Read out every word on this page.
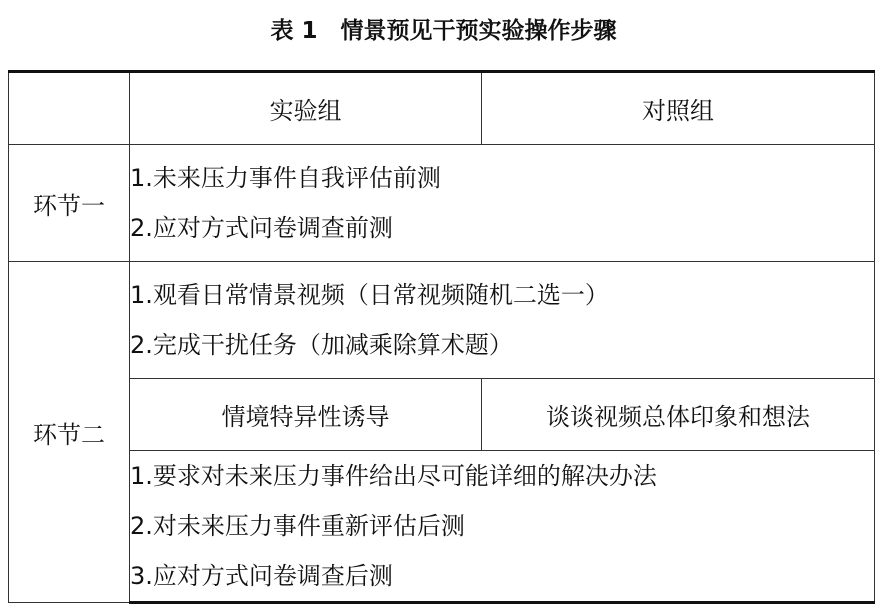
表 1　情景预见干预实验操作步骤
	实验组	对照组
环节一	1.未来压力事件自我评估前测
2.应对方式问卷调查前测	

环节二	1.观看日常情景视频（日常视频随机二选一）
2.完成干扰任务（加减乘除算术题）	

	情境特异性诱导	谈谈视频总体印象和想法

	1.要求对未来压力事件给出尽可能详细的解决办法
2.对未来压力事件重新评估后测
3.应对方式问卷调查后测	
